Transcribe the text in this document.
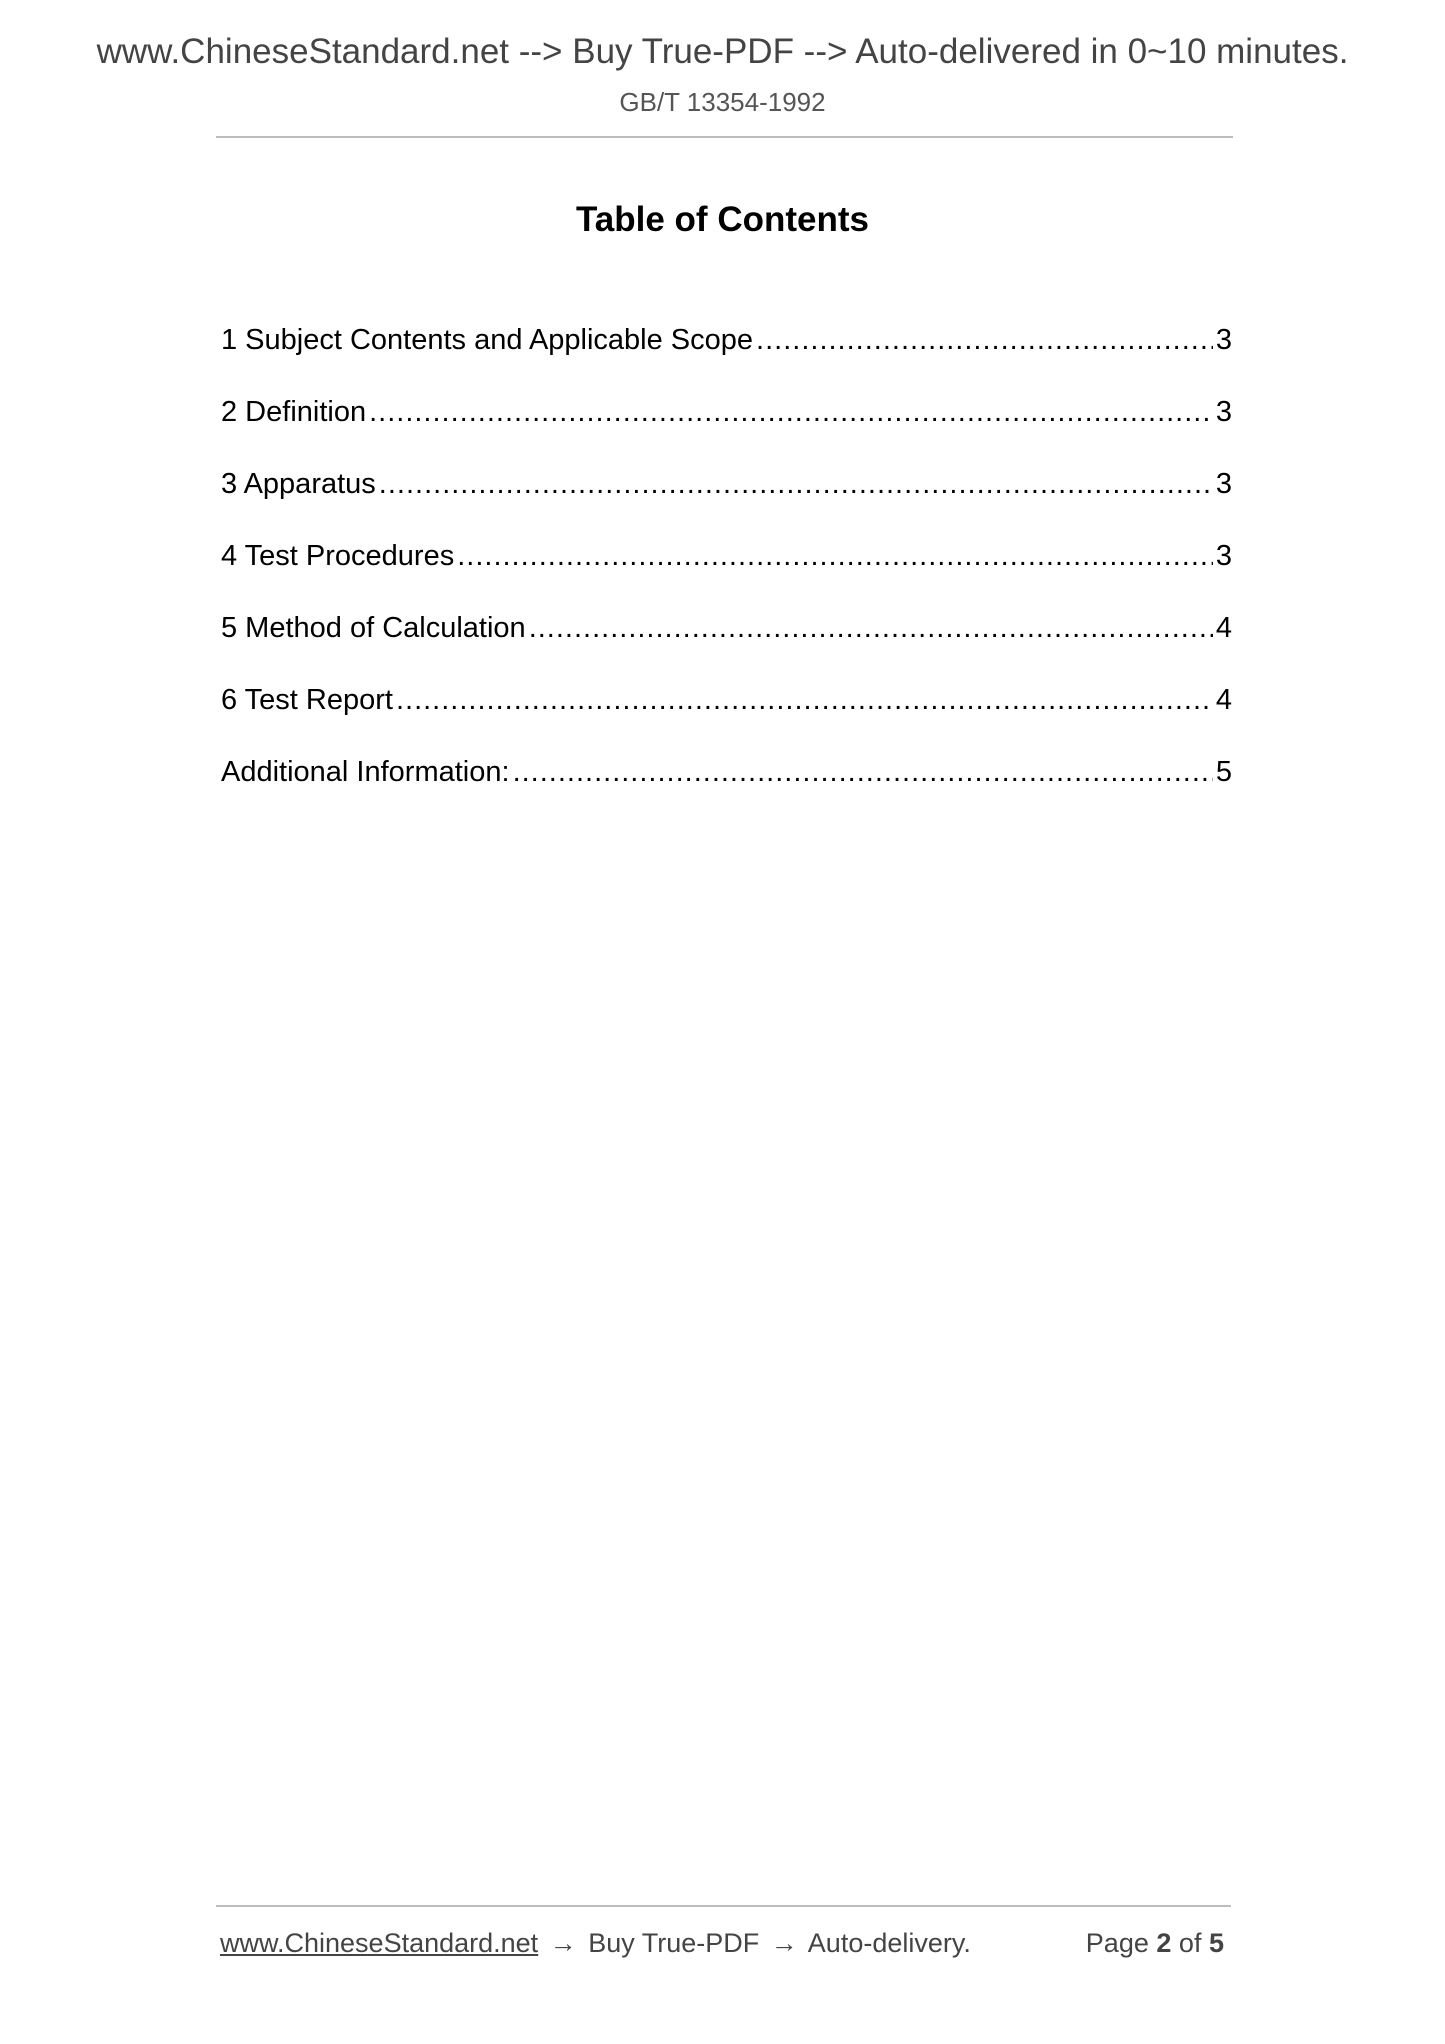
www.ChineseStandard.net --> Buy True-PDF --> Auto-delivered in 0~10 minutes.
GB/T 13354-1992
Table of Contents
1 Subject Contents and Applicable Scope .....	3
2 Definition .....	3
3 Apparatus .....	3
4 Test Procedures .....	3
5 Method of Calculation .....	4
6 Test Report .....	4
Additional Information: .....	5
www.ChineseStandard.net → Buy True-PDF → Auto-delivery.	Page 2 of 5
